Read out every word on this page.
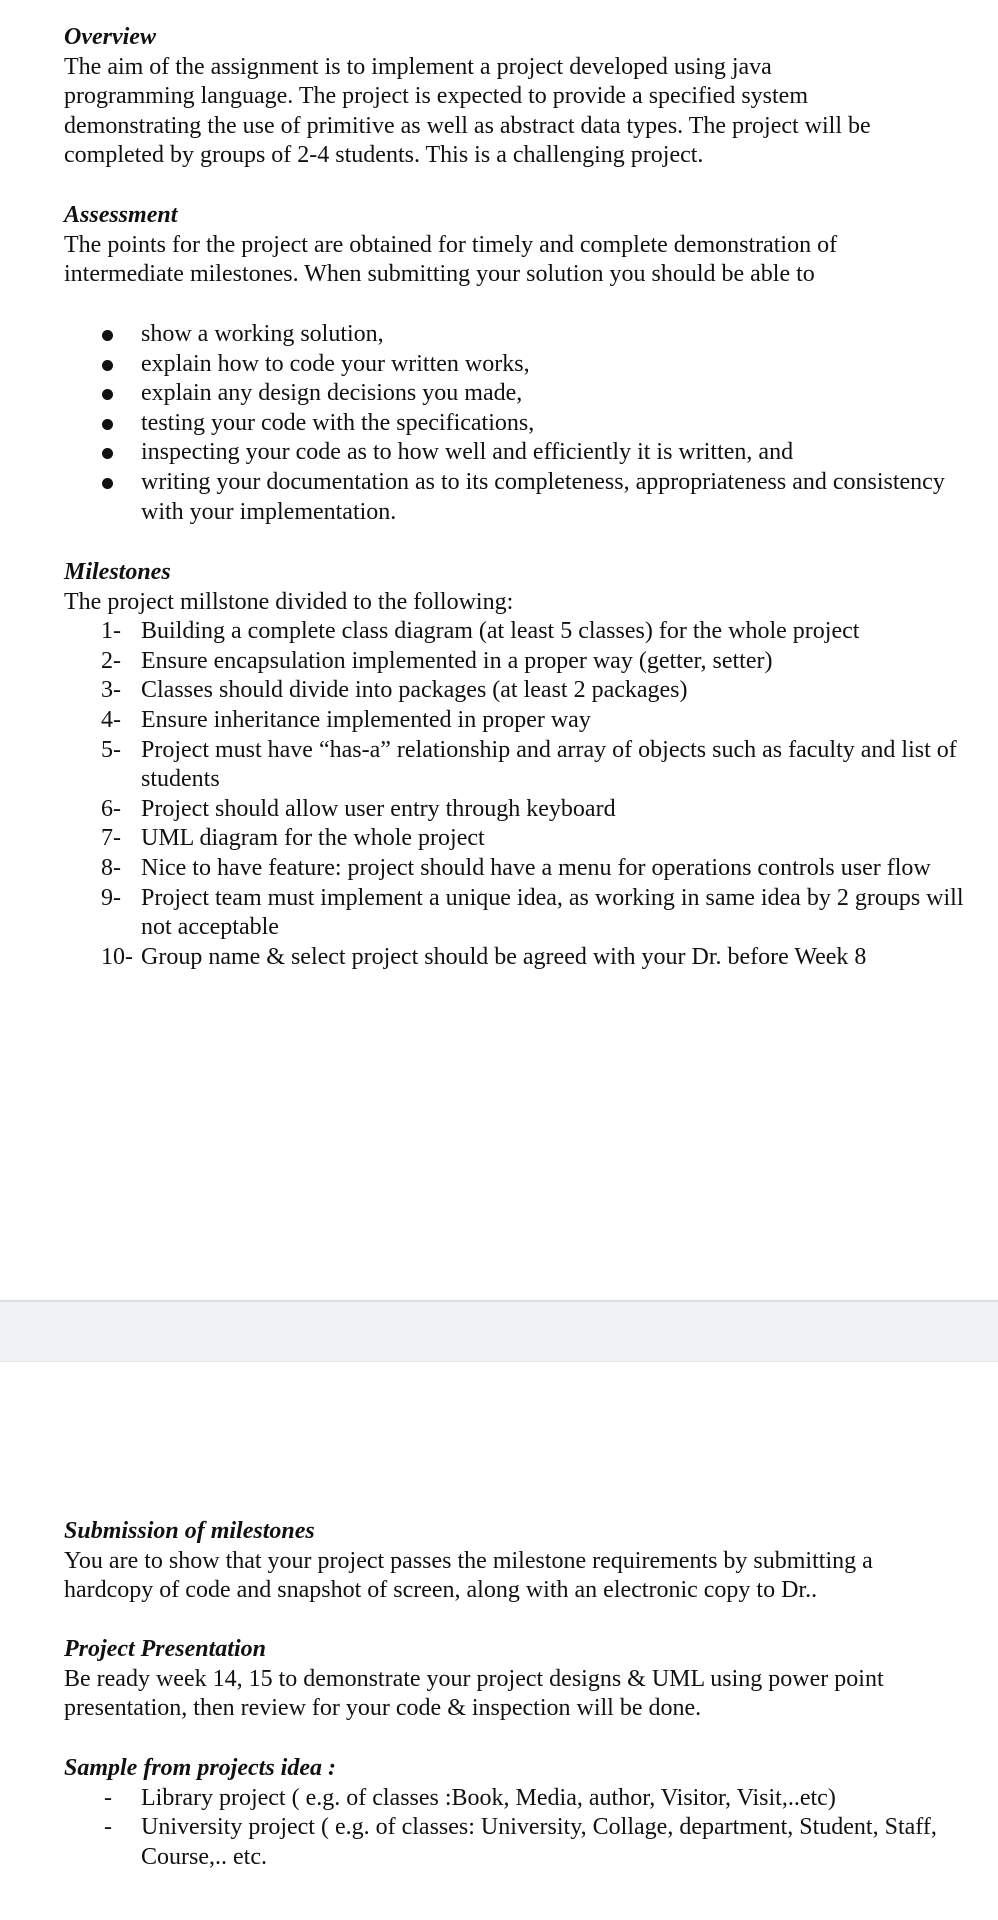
Overview

The aim of the assignment is to implement a project developed using java

programming language. The project is expected to provide a specified system

demonstrating the use of primitive as well as abstract data types. The project will be

completed by groups of 2-4 students. This is a challenging project.

Assessment

The points for the project are obtained for timely and complete demonstration of

intermediate milestones. When submitting your solution you should be able to

show a working solution,
explain how to code your written works,
explain any design decisions you made,
testing your code with the specifications,
inspecting your code as to how well and efficiently it is written, and
writing your documentation as to its completeness, appropriateness and consistency with your implementation.

Milestones

The project millstone divided to the following:

1- Building a complete class diagram (at least 5 classes) for the whole project
2- Ensure encapsulation implemented in a proper way (getter, setter)
3- Classes should divide into packages (at least 2 packages)
4- Ensure inheritance implemented in proper way
5- Project must have “has-a” relationship and array of objects such as faculty and list of students
6- Project should allow user entry through keyboard
7- UML diagram for the whole project
8- Nice to have feature: project should have a menu for operations controls user flow
9- Project team must implement a unique idea, as working in same idea by 2 groups will not acceptable
10- Group name & select project should be agreed with your Dr. before Week 8

Submission of milestones

You are to show that your project passes the milestone requirements by submitting a

hardcopy of code and snapshot of screen, along with an electronic copy to Dr..

Project Presentation

Be ready week 14, 15 to demonstrate your project designs & UML using power point

presentation, then review for your code & inspection will be done.

Sample from projects idea :

- Library project ( e.g. of classes :Book, Media, author, Visitor, Visit,..etc)
- University project ( e.g. of classes: University, Collage, department, Student, Staff, Course,.. etc.
